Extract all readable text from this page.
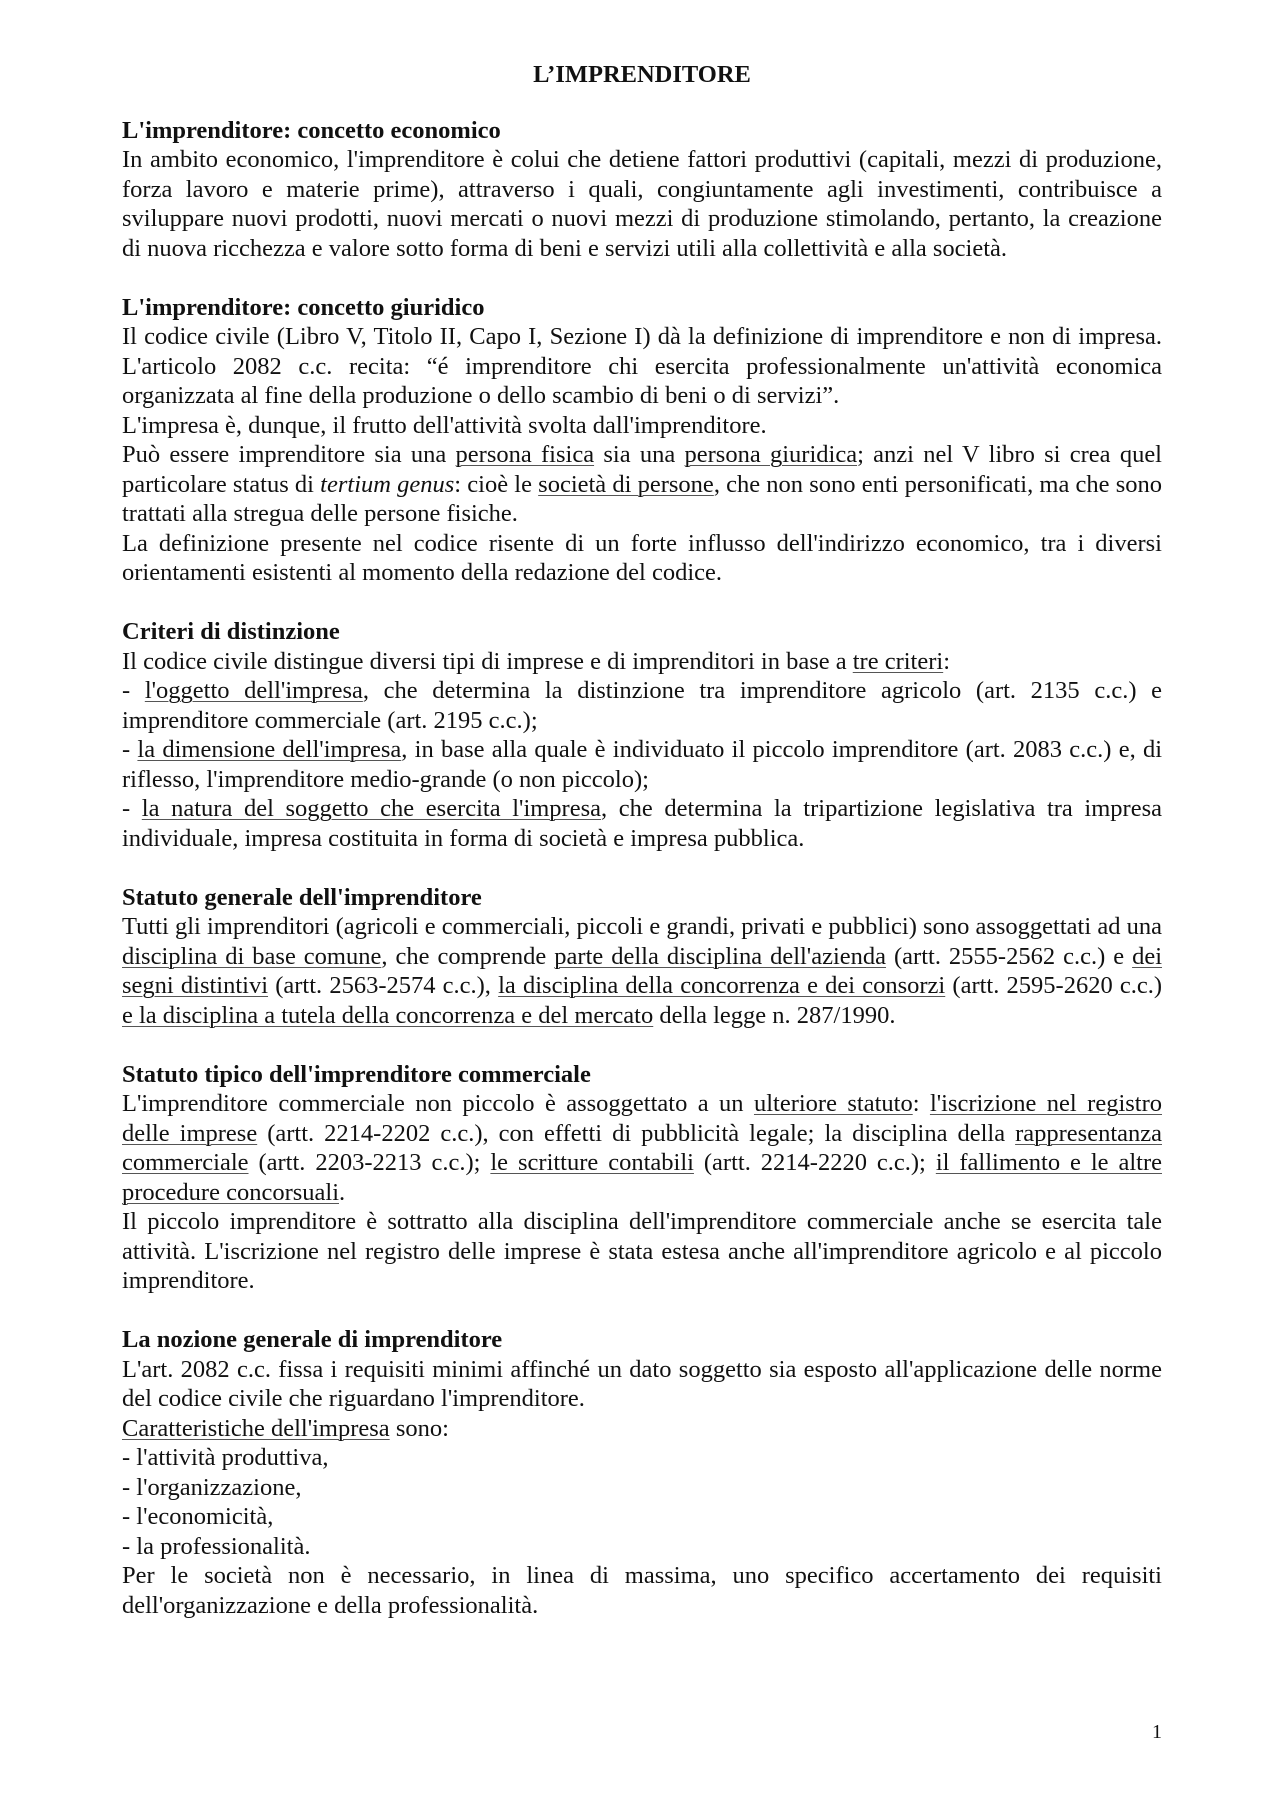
L’IMPRENDITORE
L'imprenditore: concetto economico

In ambito economico, l'imprenditore è colui che detiene fattori produttivi (capitali, mezzi di produzione, forza lavoro e materie prime), attraverso i quali, congiuntamente agli investimenti, contribuisce a sviluppare nuovi prodotti, nuovi mercati o nuovi mezzi di produzione stimolando, pertanto, la creazione di nuova ricchezza e valore sotto forma di beni e servizi utili alla collettività e alla società.

L'imprenditore: concetto giuridico

Il codice civile (Libro V, Titolo II, Capo I, Sezione I) dà la definizione di imprenditore e non di impresa. L'articolo 2082 c.c. recita: “é imprenditore chi esercita professionalmente un'attività economica organizzata al fine della produzione o dello scambio di beni o di servizi”.

L'impresa è, dunque, il frutto dell'attività svolta dall'imprenditore.

Può essere imprenditore sia una persona fisica sia una persona giuridica; anzi nel V libro si crea quel particolare status di tertium genus: cioè le società di persone, che non sono enti personificati, ma che sono trattati alla stregua delle persone fisiche.

La definizione presente nel codice risente di un forte influsso dell'indirizzo economico, tra i diversi orientamenti esistenti al momento della redazione del codice.

Criteri di distinzione

Il codice civile distingue diversi tipi di imprese e di imprenditori in base a tre criteri:

- l'oggetto dell'impresa, che determina la distinzione tra imprenditore agricolo (art. 2135 c.c.) e imprenditore commerciale (art. 2195 c.c.);

- la dimensione dell'impresa, in base alla quale è individuato il piccolo imprenditore (art. 2083 c.c.) e, di riflesso, l'imprenditore medio-grande (o non piccolo);

- la natura del soggetto che esercita l'impresa, che determina la tripartizione legislativa tra impresa individuale, impresa costituita in forma di società e impresa pubblica.

Statuto generale dell'imprenditore

Tutti gli imprenditori (agricoli e commerciali, piccoli e grandi, privati e pubblici) sono assoggettati ad una disciplina di base comune, che comprende parte della disciplina dell'azienda (artt. 2555-2562 c.c.) e dei segni distintivi (artt. 2563-2574 c.c.), la disciplina della concorrenza e dei consorzi (artt. 2595-2620 c.c.) e la disciplina a tutela della concorrenza e del mercato della legge n. 287/1990.

Statuto tipico dell'imprenditore commerciale

L'imprenditore commerciale non piccolo è assoggettato a un ulteriore statuto: l'iscrizione nel registro delle imprese (artt. 2214-2202 c.c.), con effetti di pubblicità legale; la disciplina della rappresentanza commerciale (artt. 2203-2213 c.c.); le scritture contabili (artt. 2214-2220 c.c.); il fallimento e le altre procedure concorsuali.

Il piccolo imprenditore è sottratto alla disciplina dell'imprenditore commerciale anche se esercita tale attività. L'iscrizione nel registro delle imprese è stata estesa anche all'imprenditore agricolo e al piccolo imprenditore.

La nozione generale di imprenditore

L'art. 2082 c.c. fissa i requisiti minimi affinché un dato soggetto sia esposto all'applicazione delle norme del codice civile che riguardano l'imprenditore.

Caratteristiche dell'impresa sono:

- l'attività produttiva,

- l'organizzazione,

- l'economicità,

- la professionalità.

Per le società non è necessario, in linea di massima, uno specifico accertamento dei requisiti dell'organizzazione e della professionalità.

1
